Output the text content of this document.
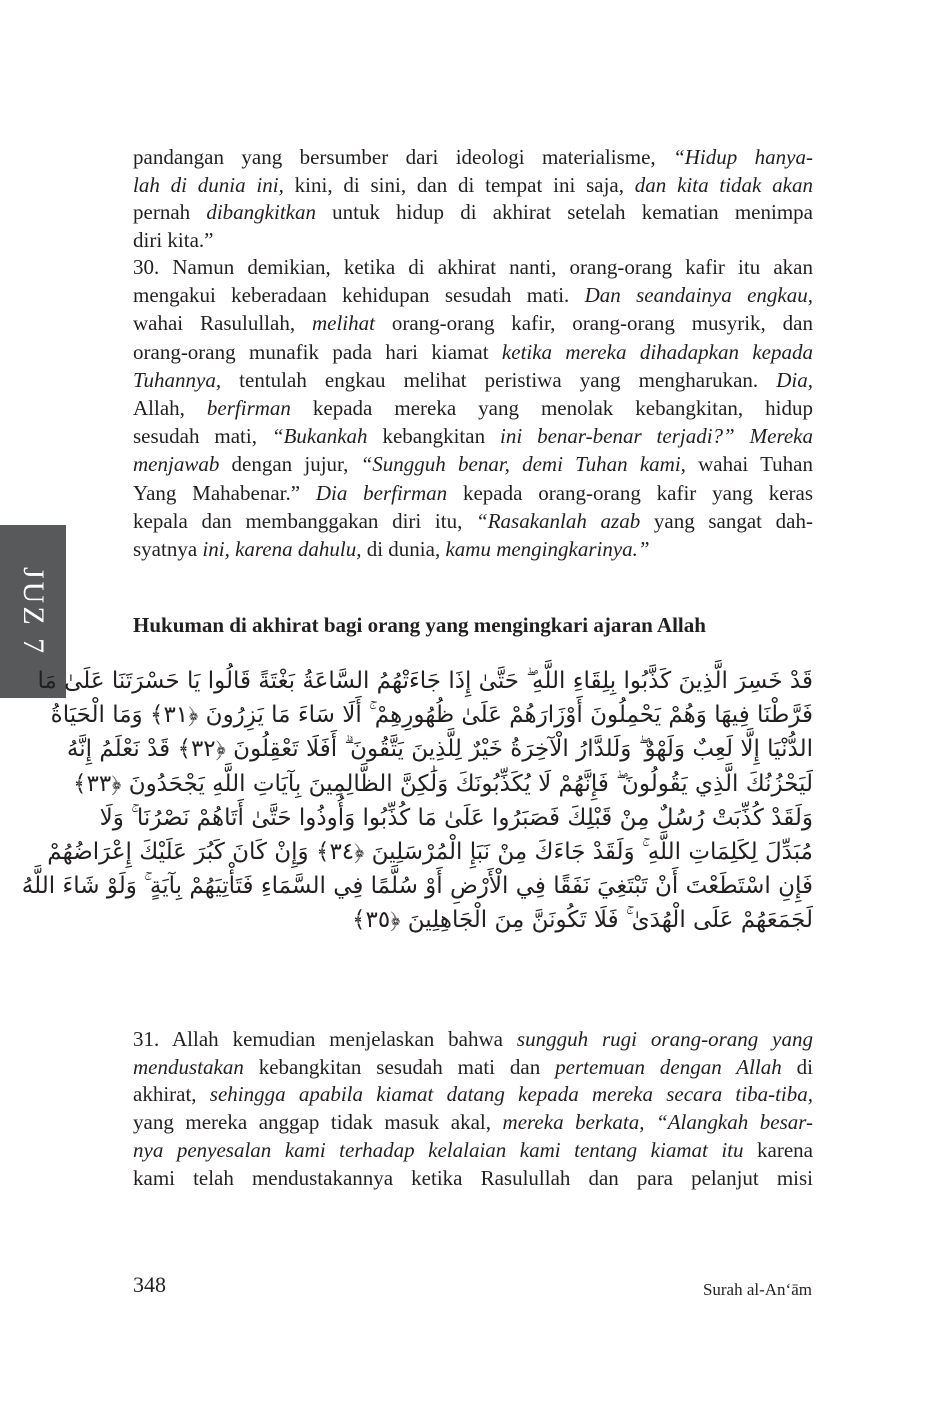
JUZ 7
pandangan yang bersumber dari ideologi materialisme, “Hidup hanya-
lah di dunia ini, kini, di sini, dan di tempat ini saja, dan kita tidak akan
pernah dibangkitkan untuk hidup di akhirat setelah kematian menimpa
diri kita.”
30. Namun demikian, ketika di akhirat nanti, orang-orang kafir itu akan
mengakui keberadaan kehidupan sesudah mati. Dan seandainya engkau,
wahai Rasulullah, melihat orang-orang kafir, orang-orang musyrik, dan
orang-orang munafik pada hari kiamat ketika mereka dihadapkan kepada
Tuhannya, tentulah engkau melihat peristiwa yang mengharukan. Dia,
Allah, berfirman kepada mereka yang menolak kebangkitan, hidup
sesudah mati, “Bukankah kebangkitan ini benar-benar terjadi?” Mereka
menjawab dengan jujur, “Sungguh benar, demi Tuhan kami, wahai Tuhan
Yang Mahabenar.” Dia berfirman kepada orang-orang kafir yang keras
kepala dan membanggakan diri itu, “Rasakanlah azab yang sangat dah-
syatnya ini, karena dahulu, di dunia, kamu mengingkarinya.”
Hukuman di akhirat bagi orang yang mengingkari ajaran Allah
قَدْ خَسِرَ الَّذِينَ كَذَّبُوا بِلِقَاءِ اللَّهِ ۖ حَتَّىٰ إِذَا جَاءَتْهُمُ السَّاعَةُ بَغْتَةً قَالُوا يَا حَسْرَتَنَا عَلَىٰ مَا
فَرَّطْنَا فِيهَا وَهُمْ يَحْمِلُونَ أَوْزَارَهُمْ عَلَىٰ ظُهُورِهِمْ ۚ أَلَا سَاءَ مَا يَزِرُونَ ﴿٣١﴾ وَمَا الْحَيَاةُ
الدُّنْيَا إِلَّا لَعِبٌ وَلَهْوٌ ۖ وَلَلدَّارُ الْآخِرَةُ خَيْرٌ لِلَّذِينَ يَتَّقُونَ ۗ أَفَلَا تَعْقِلُونَ ﴿٣٢﴾ قَدْ نَعْلَمُ إِنَّهُ
لَيَحْزُنُكَ الَّذِي يَقُولُونَ ۖ فَإِنَّهُمْ لَا يُكَذِّبُونَكَ وَلَٰكِنَّ الظَّالِمِينَ بِآيَاتِ اللَّهِ يَجْحَدُونَ ﴿٣٣﴾
وَلَقَدْ كُذِّبَتْ رُسُلٌ مِنْ قَبْلِكَ فَصَبَرُوا عَلَىٰ مَا كُذِّبُوا وَأُوذُوا حَتَّىٰ أَتَاهُمْ نَصْرُنَا ۚ وَلَا
مُبَدِّلَ لِكَلِمَاتِ اللَّهِ ۚ وَلَقَدْ جَاءَكَ مِنْ نَبَإِ الْمُرْسَلِينَ ﴿٣٤﴾ وَإِنْ كَانَ كَبُرَ عَلَيْكَ إِعْرَاضُهُمْ
فَإِنِ اسْتَطَعْتَ أَنْ تَبْتَغِيَ نَفَقًا فِي الْأَرْضِ أَوْ سُلَّمًا فِي السَّمَاءِ فَتَأْتِيَهُمْ بِآيَةٍ ۚ وَلَوْ شَاءَ اللَّهُ
لَجَمَعَهُمْ عَلَى الْهُدَىٰ ۚ فَلَا تَكُونَنَّ مِنَ الْجَاهِلِينَ ﴿٣٥﴾
31. Allah kemudian menjelaskan bahwa sungguh rugi orang-orang yang
mendustakan kebangkitan sesudah mati dan pertemuan dengan Allah di
akhirat, sehingga apabila kiamat datang kepada mereka secara tiba-tiba,
yang mereka anggap tidak masuk akal, mereka berkata, “Alangkah besar-
nya penyesalan kami terhadap kelalaian kami tentang kiamat itu karena
kami telah mendustakannya ketika Rasulullah dan para pelanjut misi
348	Surah al-An‘ām
